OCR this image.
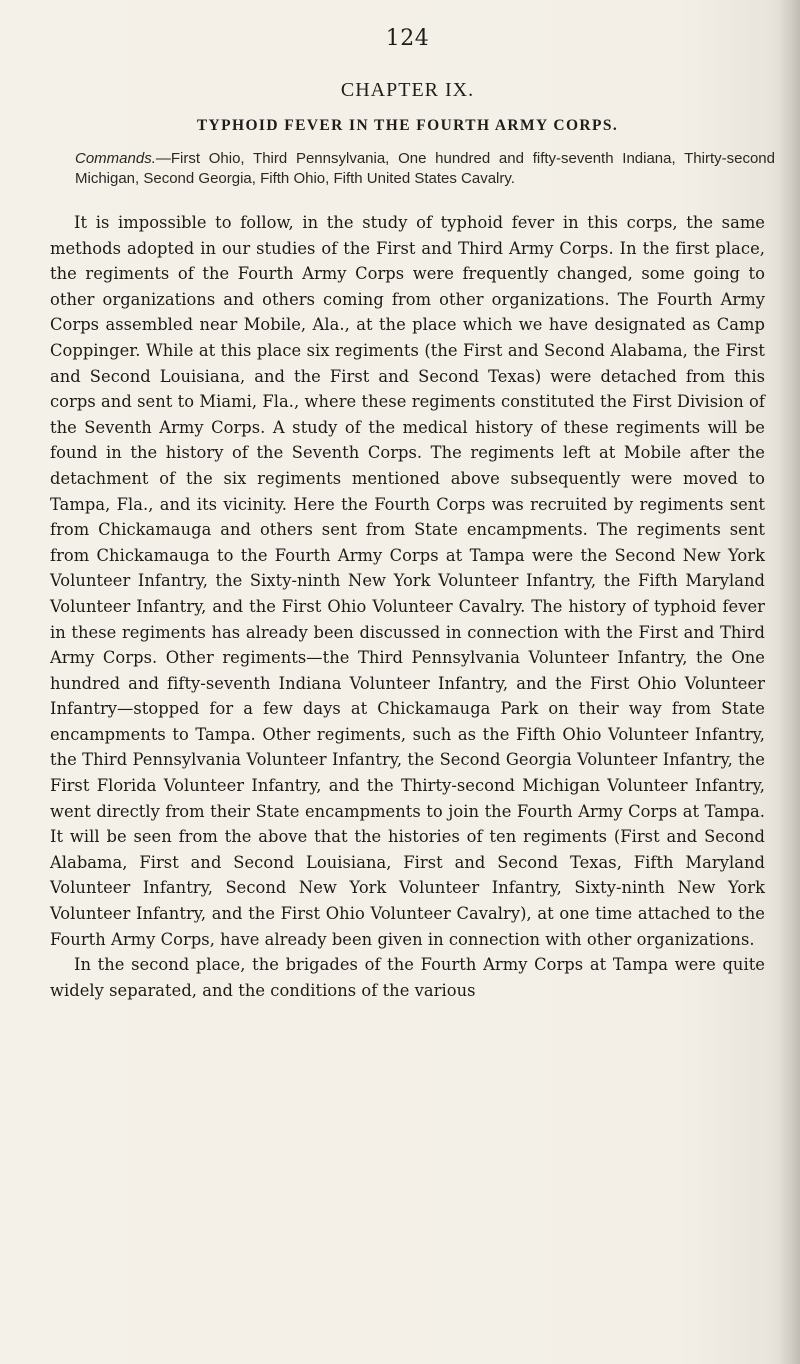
124
CHAPTER IX.
TYPHOID FEVER IN THE FOURTH ARMY CORPS.
Commands.—First Ohio, Third Pennsylvania, One hundred and fifty-seventh Indiana, Thirty-second Michigan, Second Georgia, Fifth Ohio, Fifth United States Cavalry.

It is impossible to follow, in the study of typhoid fever in this corps, the same methods adopted in our studies of the First and Third Army Corps. In the first place, the regiments of the Fourth Army Corps were frequently changed, some going to other organizations and others coming from other organizations. The Fourth Army Corps assembled near Mobile, Ala., at the place which we have designated as Camp Coppinger. While at this place six regiments (the First and Second Alabama, the First and Second Louisiana, and the First and Second Texas) were detached from this corps and sent to Miami, Fla., where these regiments constituted the First Division of the Seventh Army Corps. A study of the medical history of these regiments will be found in the history of the Seventh Corps. The regiments left at Mobile after the detachment of the six regiments mentioned above subsequently were moved to Tampa, Fla., and its vicinity. Here the Fourth Corps was recruited by regiments sent from Chickamauga and others sent from State encampments. The regiments sent from Chickamauga to the Fourth Army Corps at Tampa were the Second New York Volunteer Infantry, the Sixty-ninth New York Volunteer Infantry, the Fifth Maryland Volunteer Infantry, and the First Ohio Volunteer Cavalry. The history of typhoid fever in these regiments has already been discussed in connection with the First and Third Army Corps. Other regiments—the Third Pennsylvania Volunteer Infantry, the One hundred and fifty-seventh Indiana Volunteer Infantry, and the First Ohio Volunteer Infantry—stopped for a few days at Chickamauga Park on their way from State encampments to Tampa. Other regiments, such as the Fifth Ohio Volunteer Infantry, the Third Pennsylvania Volunteer Infantry, the Second Georgia Volunteer Infantry, the First Florida Volunteer Infantry, and the Thirty-second Michigan Volunteer Infantry, went directly from their State encampments to join the Fourth Army Corps at Tampa. It will be seen from the above that the histories of ten regiments (First and Second Alabama, First and Second Louisiana, First and Second Texas, Fifth Maryland Volunteer Infantry, Second New York Volunteer Infantry, Sixty-ninth New York Volunteer Infantry, and the First Ohio Volunteer Cavalry), at one time attached to the Fourth Army Corps, have already been given in connection with other organizations.

In the second place, the brigades of the Fourth Army Corps at Tampa were quite widely separated, and the conditions of the various
